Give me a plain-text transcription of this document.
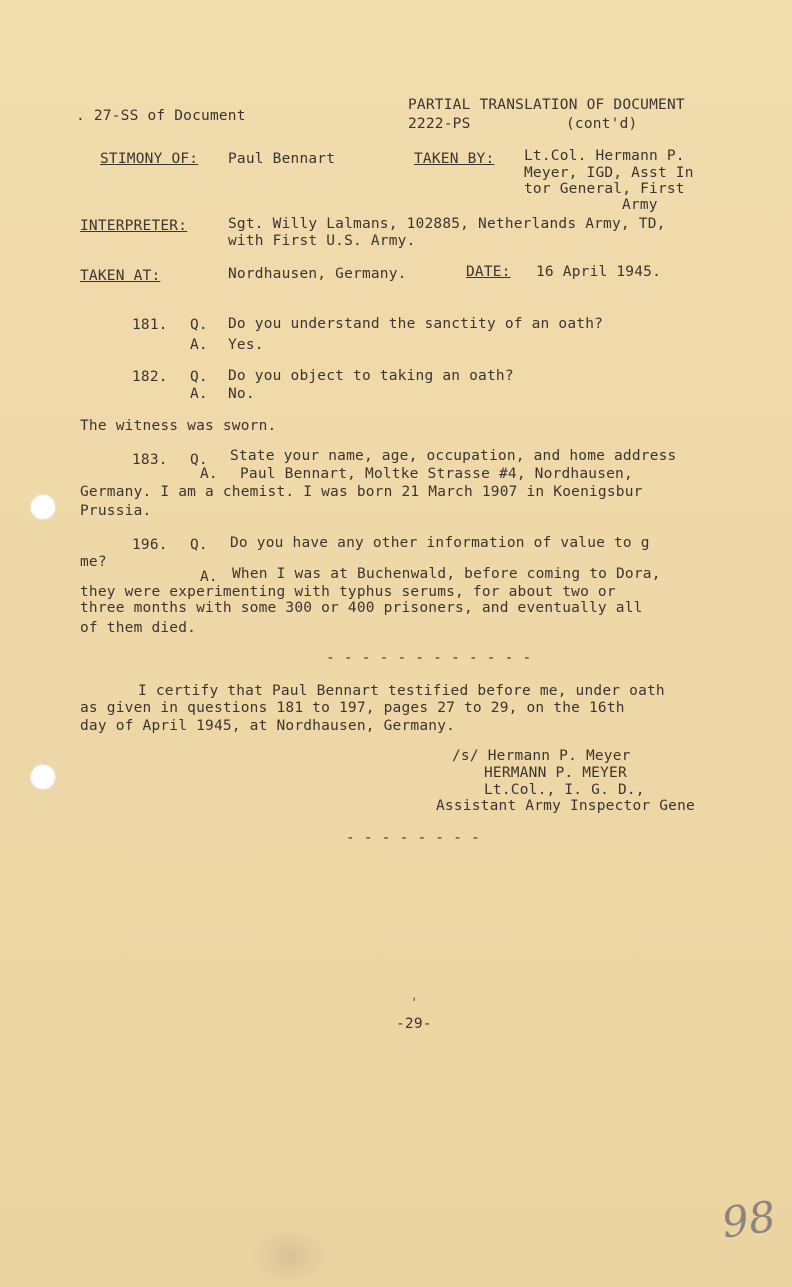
. 27-SS of Document
PARTIAL TRANSLATION OF DOCUMENT
2222-PS	(cont'd)
STIMONY OF: Paul Bennart	TAKEN BY: Lt.Col. Hermann P.
Meyer, IGD, Asst In
tor General, First
Army
INTERPRETER:	Sgt. Willy Lalmans, 102885, Netherlands Army, TD,
with First U.S. Army.
TAKEN AT:	Nordhausen, Germany.	DATE: 16 April 1945.
181. Q. Do you understand the sanctity of an oath?
A. Yes.
182. Q. Do you object to taking an oath?
A. No.
The witness was sworn.
183. Q. State your name, age, occupation, and home address
A. Paul Bennart, Moltke Strasse #4, Nordhausen,
Germany. I am a chemist. I was born 21 March 1907 in Koenigsbur
Prussia.
196. Q. Do you have any other information of value to g
me?
A. When I was at Buchenwald, before coming to Dora,
they were experimenting with typhus serums, for about two or
three months with some 300 or 400 prisoners, and eventually all
of them died.
- - - - - - - - - - - -
I certify that Paul Bennart testified before me, under oath
as given in questions 181 to 197, pages 27 to 29, on the 16th
day of April 1945, at Nordhausen, Germany.
/s/ Hermann P. Meyer
HERMANN P. MEYER
Lt.Col., I. G. D.,
Assistant Army Inspector Gene
- - - - - - - -
ʹ
-29-
98
